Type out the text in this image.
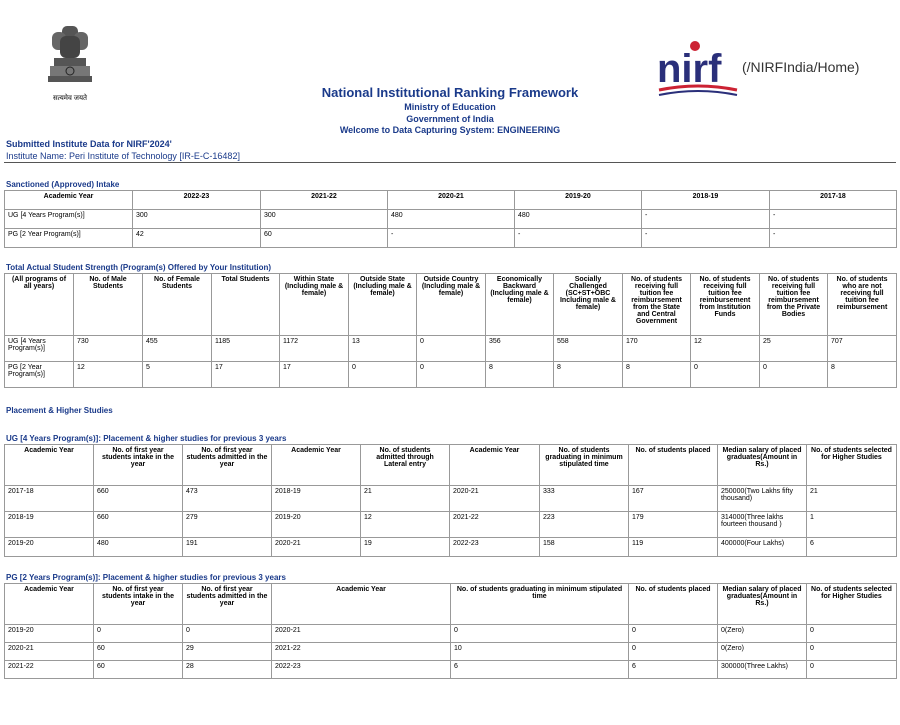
सत्यमेव जयते
nirf (/NIRFIndia/Home)
National Institutional Ranking Framework
Ministry of Education
Government of India
Welcome to Data Capturing System: ENGINEERING
Submitted Institute Data for NIRF'2024'
Institute Name: Peri Institute of Technology [IR-E-C-16482]
Sanctioned (Approved) Intake
Academic Year	2022-23	2021-22	2020-21	2019-20	2018-19	2017-18
UG [4 Years Program(s)]	300	300	480	480	-	-
PG [2 Year Program(s)]	42	60	-	-	-	-
Total Actual Student Strength (Program(s) Offered by Your Institution)
(All programs of all years)	No. of Male Students	No. of Female Students	Total Students	Within State (Including male & female)	Outside State (Including male & female)	Outside Country (Including male & female)	Economically Backward (Including male & female)	Socially Challenged (SC+ST+OBC Including male & female)	No. of students receiving full tuition fee reimbursement from the State and Central Government	No. of students receiving full tuition fee reimbursement from Institution Funds	No. of students receiving full tuition fee reimbursement from the Private Bodies	No. of students who are not receiving full tuition fee reimbursement
UG [4 Years Program(s)]	730	455	1185	1172	13	0	356	558	170	12	25	707
PG [2 Year Program(s)]	12	5	17	17	0	0	8	8	8	0	0	8
Placement & Higher Studies
UG [4 Years Program(s)]: Placement & higher studies for previous 3 years
Academic Year	No. of first year students intake in the year	No. of first year students admitted in the year	Academic Year	No. of students admitted through Lateral entry	Academic Year	No. of students graduating in minimum stipulated time	No. of students placed	Median salary of placed graduates(Amount in Rs.)	No. of students selected for Higher Studies
2017-18	660	473	2018-19	21	2020-21	333	167	250000(Two Lakhs fifty thousand)	21
2018-19	660	279	2019-20	12	2021-22	223	179	314000(Three lakhs fourteen thousand )	1
2019-20	480	191	2020-21	19	2022-23	158	119	400000(Four Lakhs)	6
PG [2 Years Program(s)]: Placement & higher studies for previous 3 years
Academic Year	No. of first year students intake in the year	No. of first year students admitted in the year	Academic Year	No. of students graduating in minimum stipulated time	No. of students placed	Median salary of placed graduates(Amount in Rs.)	No. of students selected for Higher Studies
2019-20	0	0	2020-21	0	0	0(Zero)	0
2020-21	60	29	2021-22	10	0	0(Zero)	0
2021-22	60	28	2022-23	6	6	300000(Three Lakhs)	0
